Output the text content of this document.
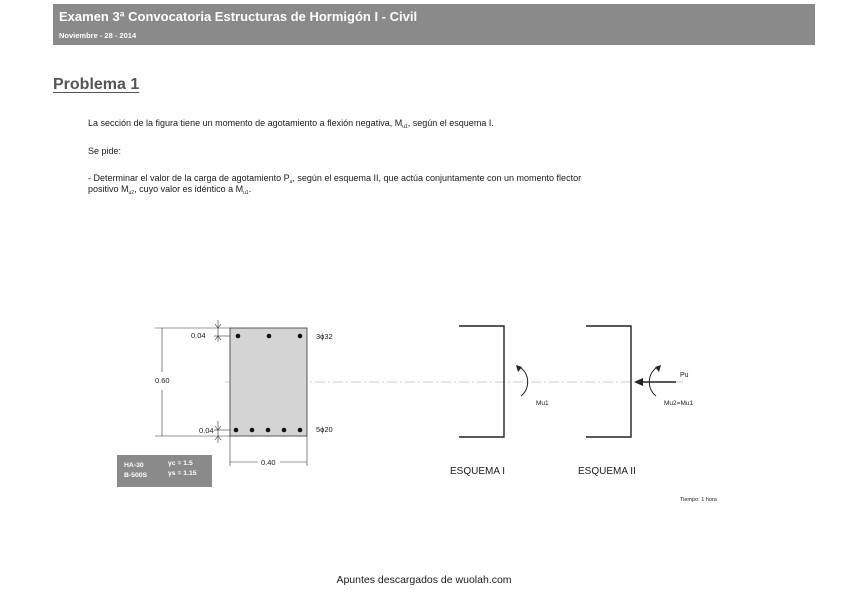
Examen 3ª Convocatoria Estructuras de Hormigón I - Civil
Noviembre - 28 - 2014
Problema 1
La sección de la figura tiene un momento de agotamiento a flexión negativa, $M_{u1}$, según el esquema I.
Se pide:
- Determinar el valor de la carga de agotamiento $P_u$, según el esquema II, que actúa conjuntamente con un momento flector
positivo $M_{u2}$, cuyo valor es idéntico a $M_{u1}$.
0.60
0.04
0.04
0.40
3ϕ32
5ϕ20
HA-30
B-500S
γc = 1.5
γs = 1.15
Mu1
ESQUEMA I
Pu
Mu2=Mu1
ESQUEMA II
Tiempo: 1 hora
Apuntes descargados de wuolah.com
